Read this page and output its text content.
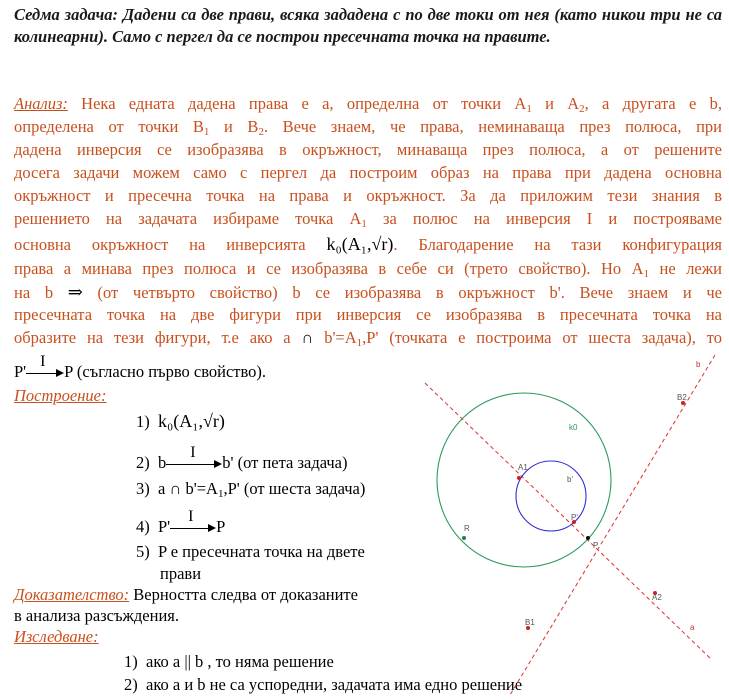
Седма задача: Дадени са две прави, всяка зададена с по две токи от нея (като никои три не са колинеарни). Само с пергел да се построи пресечната точка на правите.
Анализ: Нека едната дадена права е a, определна от точки $A_1$ и $A_2$, а другата е b,
определена от точки $B_1$ и $B_2$. Вече знаем, че права, неминаваща през полюса, при
дадена инверсия се изобразява в окръжност, минаваща през полюса, а от решените
досега задачи можем само с пергел да построим образ на права при дадена основна
окръжност и пресечна точка на права и окръжност. За да приложим тези знания в
решението на задачата избираме точка $A_1$ за полюс на инверсия I и построяваме
основна окръжност на инверсията k₀(A₁,√r). Благодарение на тази конфигурация
права a минава през полюса и се изобразява в себе си (трето свойство). Но $A_1$ не лежи
на b ⇒ (от четвърто свойство) b се изобразява в окръжност b'. Вече знаем и че
пресечната точка на две фигури при инверсия се изобразява в пресечната точка на
образите на тези фигури, т.е ако a ∩ $b'=A_1,P'$ (точката е построима от шеста задача), то
P'
I
P (съгласно първо свойство).
Построение:
1) k₀(A₁,√r)
2) b
I
b' (от пета задача)
3) a ∩ $b'=A_1,P'$ (от шеста задача)
4) P'
I
P
5) P е пресечната точка на двете
прави
Доказателство: Верността следва от доказаните
в анализа разсъждения.
Изследване:
1) ако a || b , то няма решение
2) ако a и b не са успоредни, задачата има едно решение
b
B2
k0
A1
b'
R
P'
P
A2
B1
a
